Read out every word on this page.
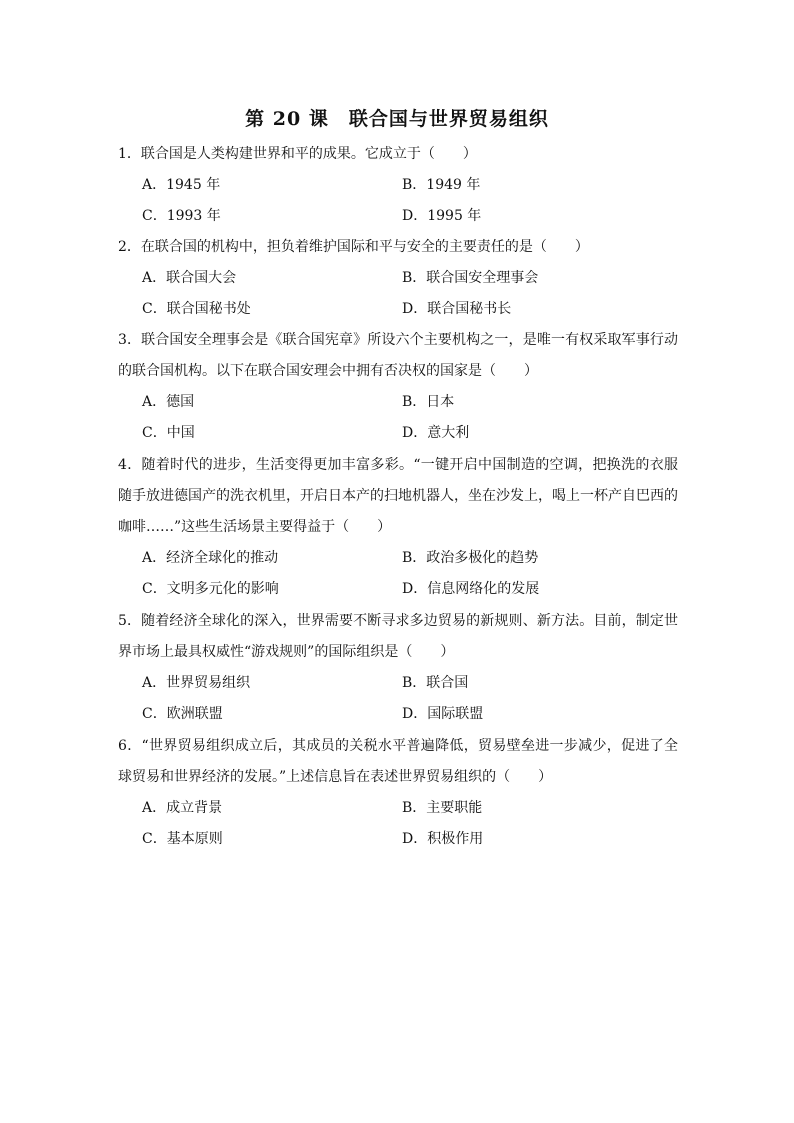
第 20 课　联合国与世界贸易组织
1．联合国是人类构建世界和平的成果。它成立于（　　）
A．1945 年	B．1949 年
C．1993 年	D．1995 年
2．在联合国的机构中，担负着维护国际和平与安全的主要责任的是（　　）
A．联合国大会	B．联合国安全理事会
C．联合国秘书处	D．联合国秘书长
3．联合国安全理事会是《联合国宪章》所设六个主要机构之一，是唯一有权采取军事行动的联合国机构。以下在联合国安理会中拥有否决权的国家是（　　）
A．德国	B．日本
C．中国	D．意大利
4．随着时代的进步，生活变得更加丰富多彩。“一键开启中国制造的空调，把换洗的衣服随手放进德国产的洗衣机里，开启日本产的扫地机器人，坐在沙发上，喝上一杯产自巴西的咖啡……”这些生活场景主要得益于（　　）
A．经济全球化的推动	B．政治多极化的趋势
C．文明多元化的影响	D．信息网络化的发展
5．随着经济全球化的深入，世界需要不断寻求多边贸易的新规则、新方法。目前，制定世界市场上最具权威性“游戏规则”的国际组织是（　　）
A．世界贸易组织	B．联合国
C．欧洲联盟	D．国际联盟
6．“世界贸易组织成立后，其成员的关税水平普遍降低，贸易壁垒进一步减少，促进了全球贸易和世界经济的发展。”上述信息旨在表述世界贸易组织的（　　）
A．成立背景	B．主要职能
C．基本原则	D．积极作用
